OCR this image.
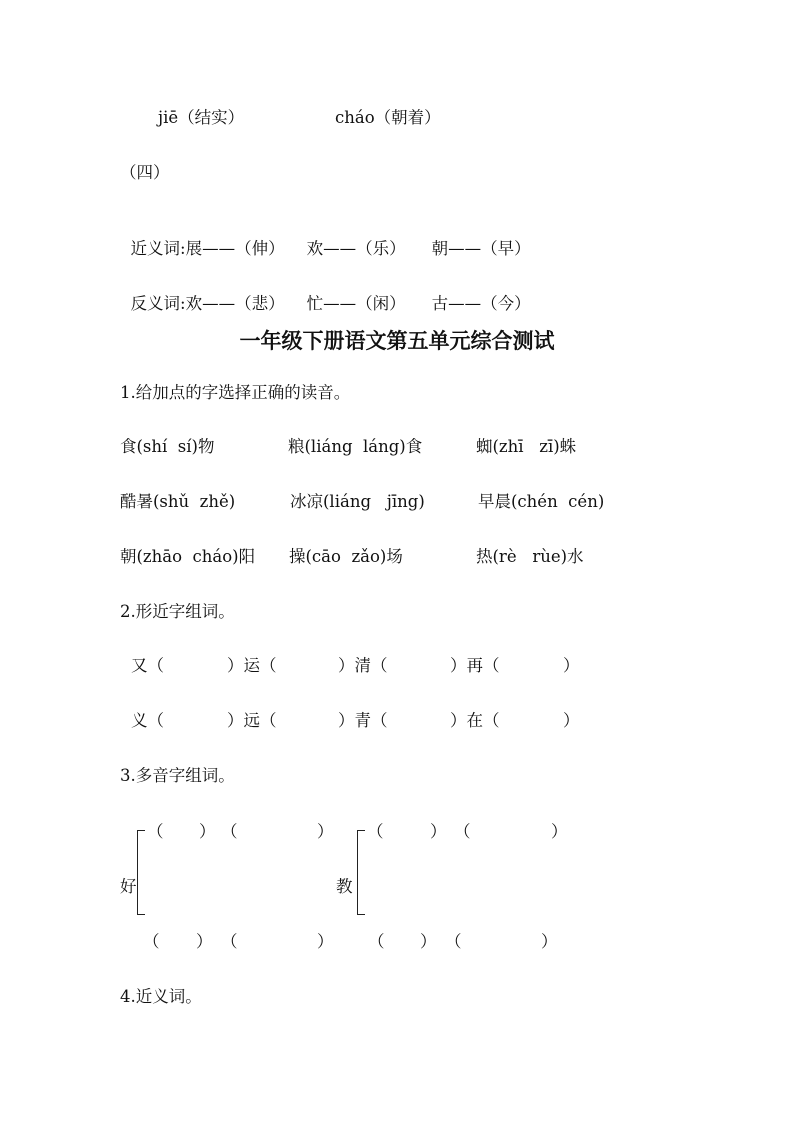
jiē（结实）	cháo（朝着）
（四）

近义词:展——（伸） 欢——（乐） 朝——（早）

反义词:欢——（悲） 忙——（闲） 古——（今）

一年级下册语文第五单元综合测试
1.给加点的字选择正确的读音。
食(shí  sí)物	粮(liáng  láng)食	蜘(zhī   zī)蛛
酷暑(shǔ  zhě)	冰凉(liáng   jīng)	早晨(chén  cén)
朝(zhāo  cháo)阳 操(cāo  zǎo)场	热(rè   rùe)水
2.形近字组词。
又（	）运（	）清（	）再（	）
义（	）远（	）青（	）在（	）
3.多音字组词。
好
（ ） （	）
教
（	） （	）
（ ） （	） （ ） （	）
4.近义词。
